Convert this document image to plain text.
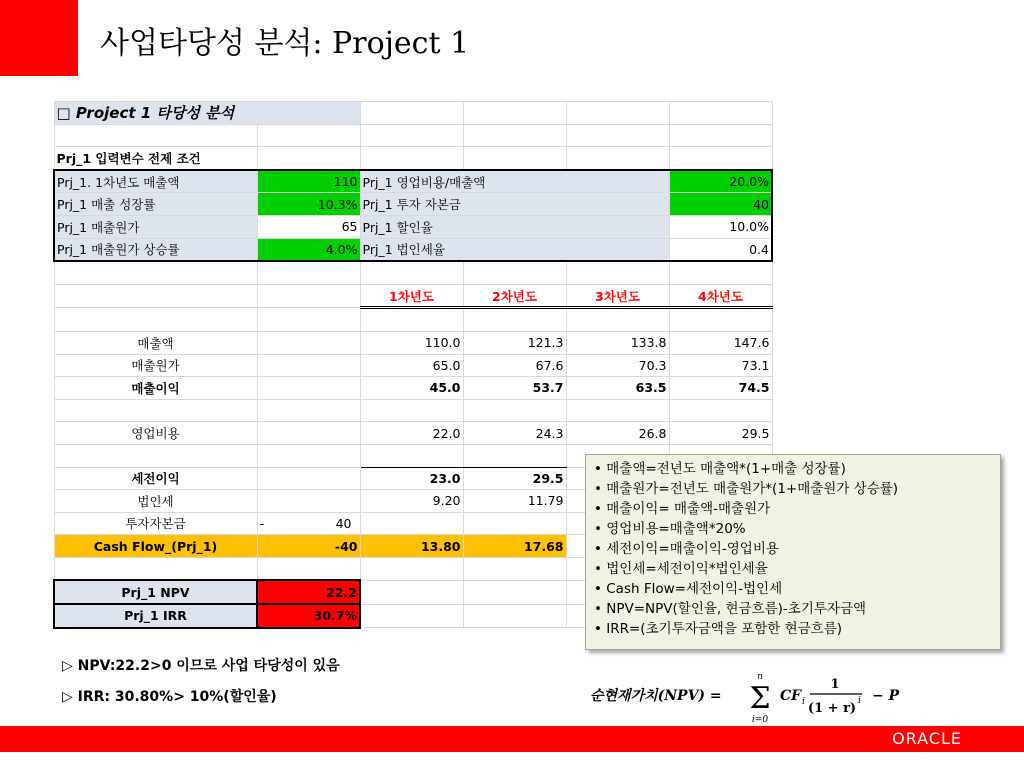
사업타당성 분석: Project 1
□ Project 1 타당성 분석					

Prj_1 입력변수 전제 조건					
Prj_1. 1차년도 매출액	110	Prj_1 영업비용/매출액			20.0%
Prj_1 매출 성장률	10.3%	Prj_1 투자 자본금			40
Prj_1 매출원가	65	Prj_1 할인율			10.0%
Prj_1 매출원가 상승률	4.0%	Prj_1 법인세율			0.4

		1차년도	2차년도	3차년도	4차년도

매출액		110.0	121.3	133.8	147.6
매출원가		65.0	67.6	70.3	73.1
매출이익		45.0	53.7	63.5	74.5

영업비용		22.0	24.3	26.8	29.5

세전이익		23.0	29.5		
법인세		9.20	11.79		
투자자본금	- 40				

Cash Flow_(Prj_1)	-40	13.80	17.68		

Prj_1 NPV	22.2				
Prj_1 IRR	30.7%				
• 매출액=전년도 매출액*(1+매출 성장률)
• 매출원가=전년도 매출원가*(1+매출원가 상승률)
• 매출이익= 매출액-매출원가
• 영업비용=매출액*20%
• 세전이익=매출이익-영업비용
• 법인세=세전이익*법인세율
• Cash Flow=세전이익-법인세
• NPV=NPV(할인율, 현금흐름)-초기투자금액
• IRR=(초기투자금액을 포함한 현금흐름)
▷ NPV:22.2>0 이므로 사업 타당성이 있음
▷ IRR: 30.80%> 10%(할인율)	순현재가치(NPV) =
n
Σ
i=0
CF i
1
(1 + r) i − P
ORACLE
